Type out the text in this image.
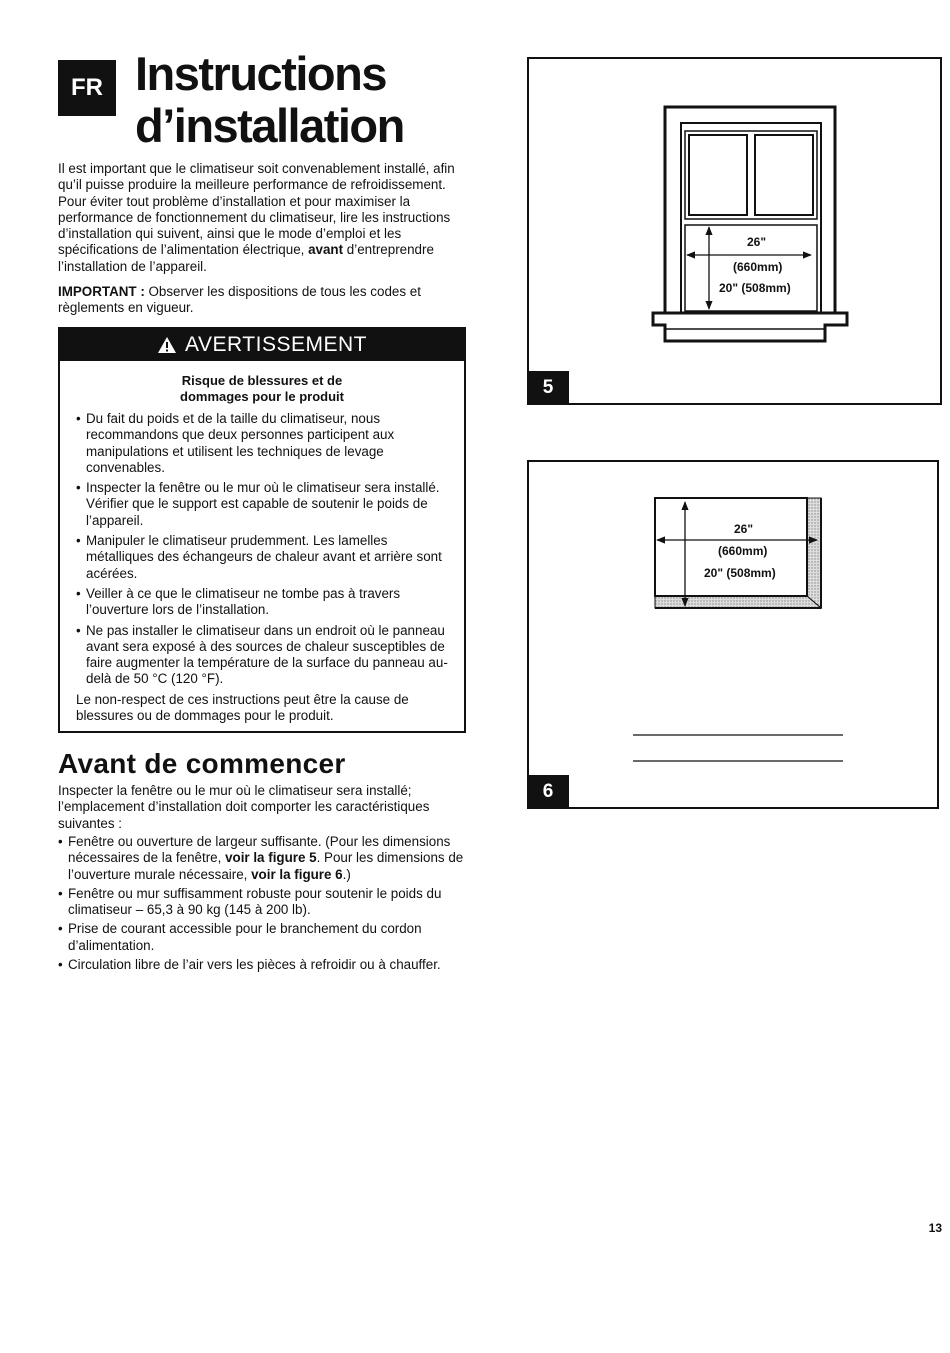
FR Instructions
d’installation

Il est important que le climatiseur soit convenablement installé, afin qu’il puisse produire la meilleure performance de refroidissement. Pour éviter tout problème d’installation et pour maximiser la performance de fonctionnement du climatiseur, lire les instructions d’installation qui suivent, ainsi que le mode d’emploi et les spécifications de l’alimentation électrique, avant d’entreprendre l’installation de l’appareil.

IMPORTANT : Observer les dispositions de tous les codes et règlements en vigueur.

AVERTISSEMENT

Risque de blessures et de
dommages pour le produit

• Du fait du poids et de la taille du climatiseur, nous recommandons que deux personnes participent aux manipulations et utilisent les techniques de levage convenables.
• Inspecter la fenêtre ou le mur où le climatiseur sera installé. Vérifier que le support est capable de soutenir le poids de l’appareil.
• Manipuler le climatiseur prudemment. Les lamelles métalliques des échangeurs de chaleur avant et arrière sont acérées.
• Veiller à ce que le climatiseur ne tombe pas à travers l’ouverture lors de l’installation.
• Ne pas installer le climatiseur dans un endroit où le panneau avant sera exposé à des sources de chaleur susceptibles de faire augmenter la température de la surface du panneau au-delà de 50 °C (120 °F).

Le non-respect de ces instructions peut être la cause de blessures ou de dommages pour le produit.

Avant de commencer

Inspecter la fenêtre ou le mur où le climatiseur sera installé; l’emplacement d’installation doit comporter les caractéristiques suivantes :

• Fenêtre ou ouverture de largeur suffisante. (Pour les dimensions nécessaires de la fenêtre, voir la figure 5. Pour les dimensions de l’ouverture murale nécessaire, voir la figure 6.)
• Fenêtre ou mur suffisamment robuste pour soutenir le poids du climatiseur – 65,3 à 90 kg (145 à 200 lb).
• Prise de courant accessible pour le branchement du cordon d’alimentation.
• Circulation libre de l’air vers les pièces à refroidir ou à chauffer.
26"
(660mm)
20" (508mm)
5
26"
(660mm)
20" (508mm)
6
13
